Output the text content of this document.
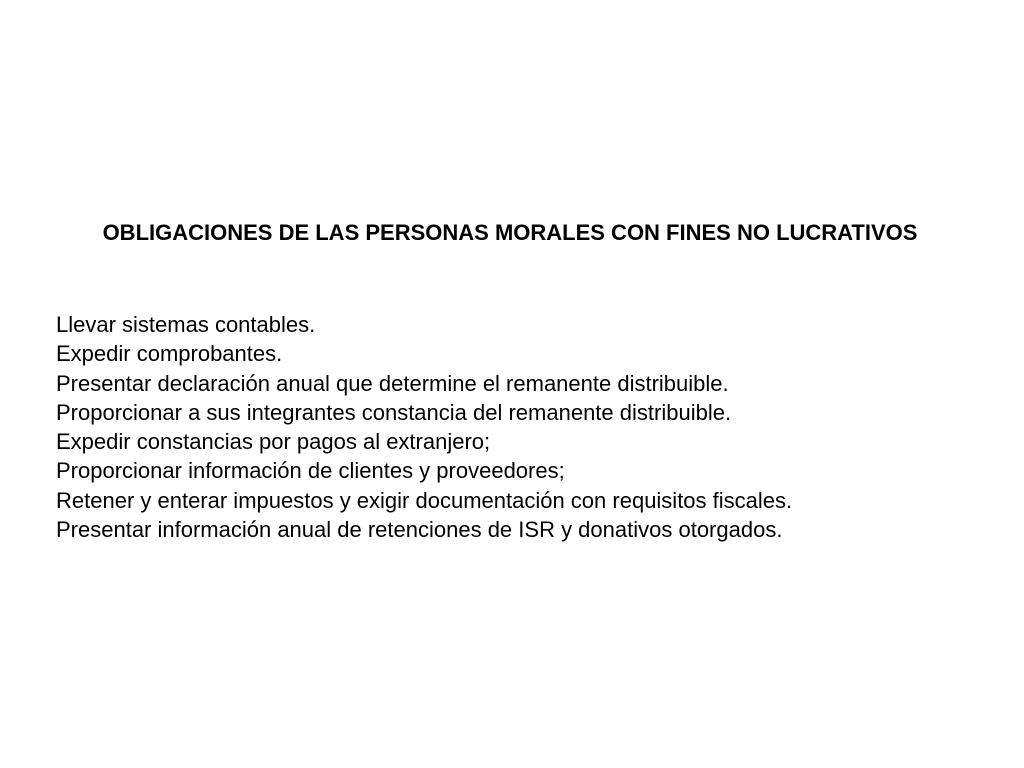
OBLIGACIONES DE LAS PERSONAS MORALES CON FINES NO LUCRATIVOS
Llevar sistemas contables.
Expedir comprobantes.
Presentar declaración anual que determine el remanente distribuible.
Proporcionar a sus integrantes constancia del remanente distribuible.
Expedir constancias por pagos al extranjero;
Proporcionar información de clientes y proveedores;
Retener y enterar impuestos y exigir documentación con requisitos fiscales.
Presentar información anual de retenciones de ISR y donativos otorgados.
